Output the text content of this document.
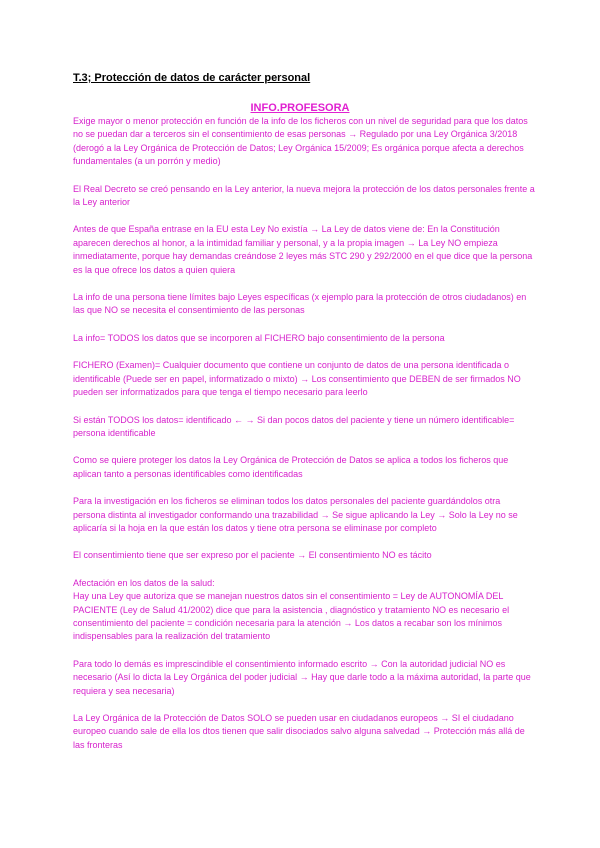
T.3; Protección de datos de carácter personal
INFO.PROFESORA

Exige mayor o menor protección en función de la info de los ficheros con un nivel de seguridad para que los datos no se puedan dar a terceros sin el consentimiento de esas personas → Regulado por una Ley Orgánica 3/2018 (derogó a la Ley Orgánica de Protección de Datos; Ley Orgánica 15/2009; Es orgánica porque afecta a derechos fundamentales (a un porrón y medio)

El Real Decreto se creó pensando en la Ley anterior, la nueva mejora la protección de los datos personales frente a la Ley anterior

Antes de que España entrase en la EU esta Ley No existía → La Ley de datos viene de: En la Constitución aparecen derechos al honor, a la intimidad familiar y personal, y a la propia imagen → La Ley NO empieza inmediatamente, porque hay demandas creándose 2 leyes más STC 290 y 292/2000 en el que dice que la persona es la que ofrece los datos a quien quiera

La info de una persona tiene límites bajo Leyes específicas (x ejemplo para la protección de otros ciudadanos) en las que NO se necesita el consentimiento de las personas

La info= TODOS los datos que se incorporen al FICHERO bajo consentimiento de la persona

FICHERO (Examen)= Cualquier documento que contiene un conjunto de datos de una persona identificada o identificable (Puede ser en papel, informatizado o mixto) → Los consentimiento que DEBEN de ser firmados NO pueden ser informatizados para que tenga el tiempo necesario para leerlo

Si están TODOS los datos= identificado ← → Si dan pocos datos del paciente y tiene un número identificable= persona identificable

Como se quiere proteger los datos la Ley Orgánica de Protección de Datos se aplica a todos los ficheros que aplican tanto a personas identificables como identificadas

Para la investigación en los ficheros se eliminan todos los datos personales del paciente guardándolos otra persona distinta al investigador conformando una trazabilidad → Se sigue aplicando la Ley → Solo la Ley no se aplicaría si la hoja en la que están los datos y tiene otra persona se eliminase por completo

El consentimiento tiene que ser expreso por el paciente → El consentimiento NO es tácito

Afectación en los datos de la salud:
Hay una Ley que autoriza que se manejan nuestros datos sin el consentimiento = Ley de AUTONOMÍA DEL PACIENTE (Ley de Salud 41/2002) dice que para la asistencia , diagnóstico y tratamiento NO es necesario el consentimiento del paciente = condición necesaria para la atención → Los datos a recabar son los mínimos indispensables para la realización del tratamiento

Para todo lo demás es imprescindible el consentimiento informado escrito → Con la autoridad judicial NO es necesario (Así lo dicta la Ley Orgánica del poder judicial → Hay que darle todo a la máxima autoridad, la parte que requiera y sea necesaria)

La Ley Orgánica de la Protección de Datos SOLO se pueden usar en ciudadanos europeos → SI el ciudadano europeo cuando sale de ella los dtos tienen que salir disociados salvo alguna salvedad → Protección más allá de las fronteras
